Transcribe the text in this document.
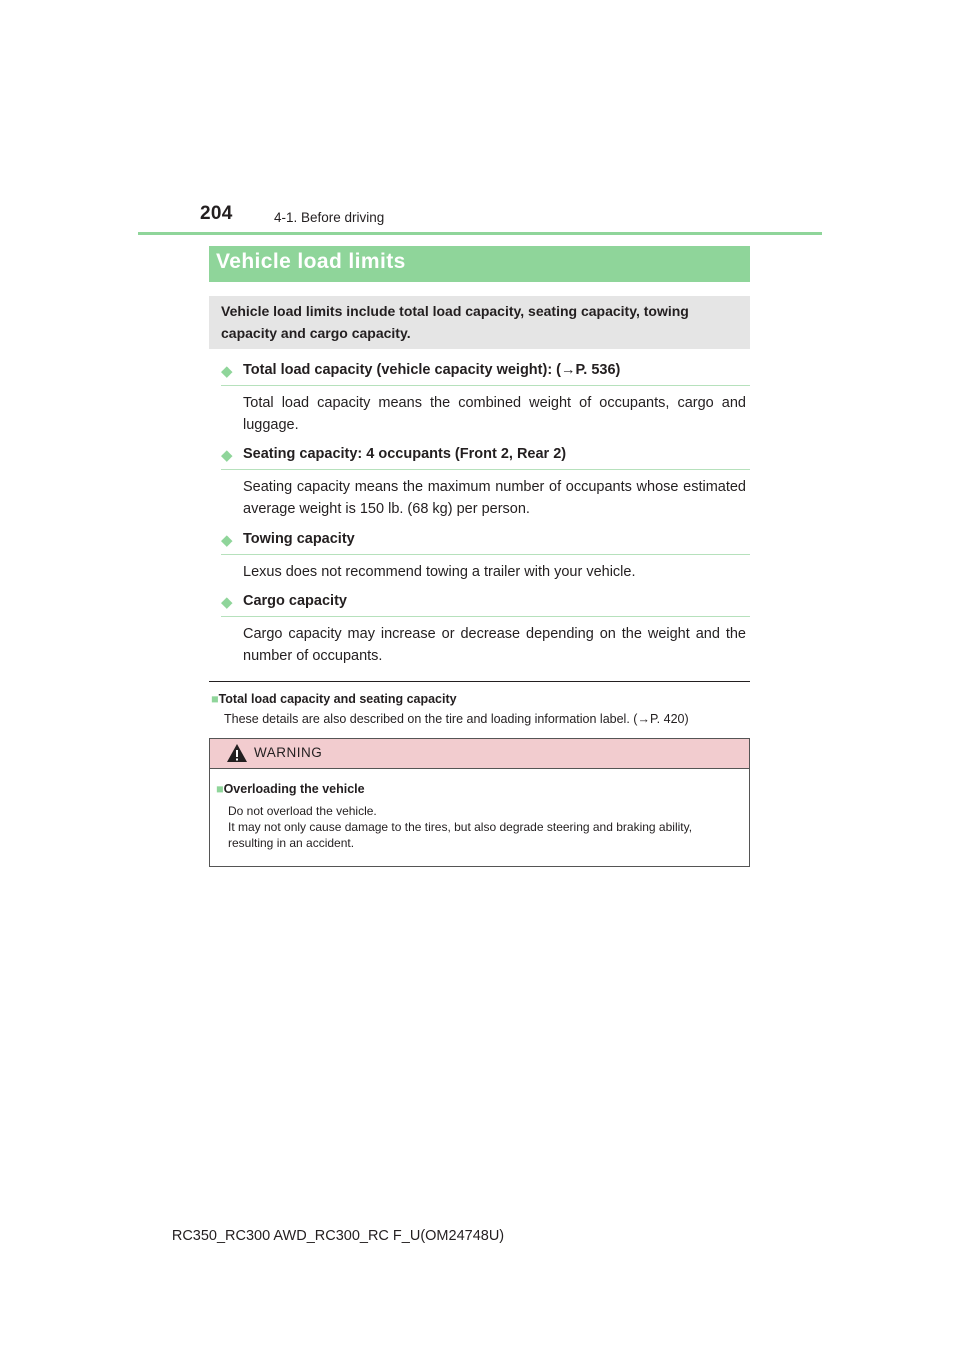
204	4-1. Before driving
Vehicle load limits
Vehicle load limits include total load capacity, seating capacity, towing capacity and cargo capacity.
◆ Total load capacity (vehicle capacity weight): (→P. 536)
Total load capacity means the combined weight of occupants, cargo and luggage.
◆ Seating capacity: 4 occupants (Front 2, Rear 2)
Seating capacity means the maximum number of occupants whose estimated average weight is 150 lb. (68 kg) per person.
◆ Towing capacity
Lexus does not recommend towing a trailer with your vehicle.
◆ Cargo capacity
Cargo capacity may increase or decrease depending on the weight and the number of occupants.
■Total load capacity and seating capacity
These details are also described on the tire and loading information label. (→P. 420)
WARNING
■Overloading the vehicle
Do not overload the vehicle.
It may not only cause damage to the tires, but also degrade steering and braking ability,
resulting in an accident.
RC350_RC300 AWD_RC300_RC F_U(OM24748U)
